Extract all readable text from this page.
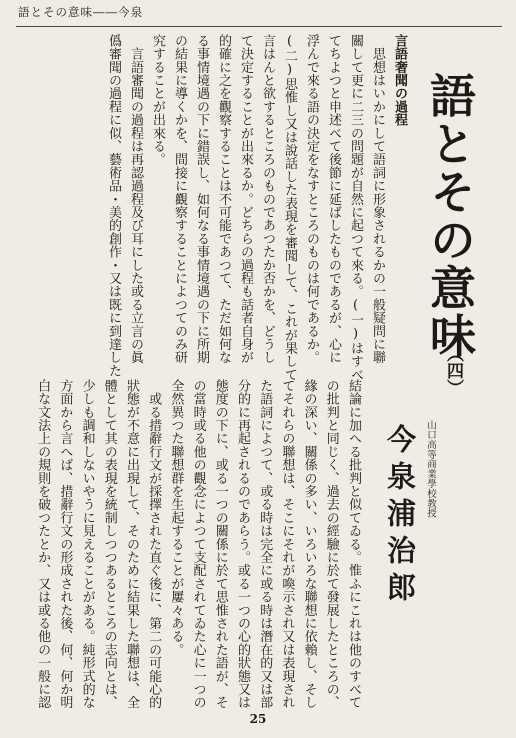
語とその意味――今泉
語とその意味
（四）
山口高等商業學校教授
今泉浦治郎
言語奢聞の過程
　思想はいかにして語詞に形象されるかの一般疑問に聯
關して更に二三の問題が自然に起つて來る。(一)はすべ
てちよつと申述べて後節に延ばしたものであるが、心に
浮んで來る語の決定をなすところのものは何であるか。
(二)思惟し又は說話した表現を審聞して、これが果して
言はんと欲するところのものであつたか否かを、どうし
て決定することが出來るか。どちらの過程も話者自身が
的確に之を觀察することは不可能であつて、ただ如何な
る事情境遇の下に錯誤し、如何なる事情境遇の下に所期
の結果に導くかを、間接に觀察することによつてのみ研
究することが出來る。
　言語審聞の過程は再認過程及び耳にした或る立言の眞
僞審聞の過程に似、藝術品・美的創作・又は既に到達した
結論に加へる批判と似てゐる。惟ふにこれは他のすべて
の批判と同じく、過去の經驗に於て發展したところの、
緣の深い、關係の多い、いろいろな聯想に依賴し、そし
てそれらの聯想は、そこにそれが喚示され又は表現され
た語詞によつて、或る時は完全に或る時は潛在的又は部
分的に再起されるのであらう。或る一つの心的狀態又は
態度の下に、或る一つの關係に於て思惟された語が、そ
の當時或る他の觀念によつて支配されてゐた心に一つの
全然異つた聯想群を生起することが屢々ある。
　或る措辭行文が採擇された直ぐ後に、第二の可能心的
狀態が不意に出現して、そのために結果した聯想は、全
體として其の表現を統制しつつあるところの志向とは、
少しも調和しないやうに見えることがある。純形式的な
方面から言へば、措辭行文の形成された後、何、何か明
白な文法上の規則を破つたとか、又は或る他の一般に認
25
